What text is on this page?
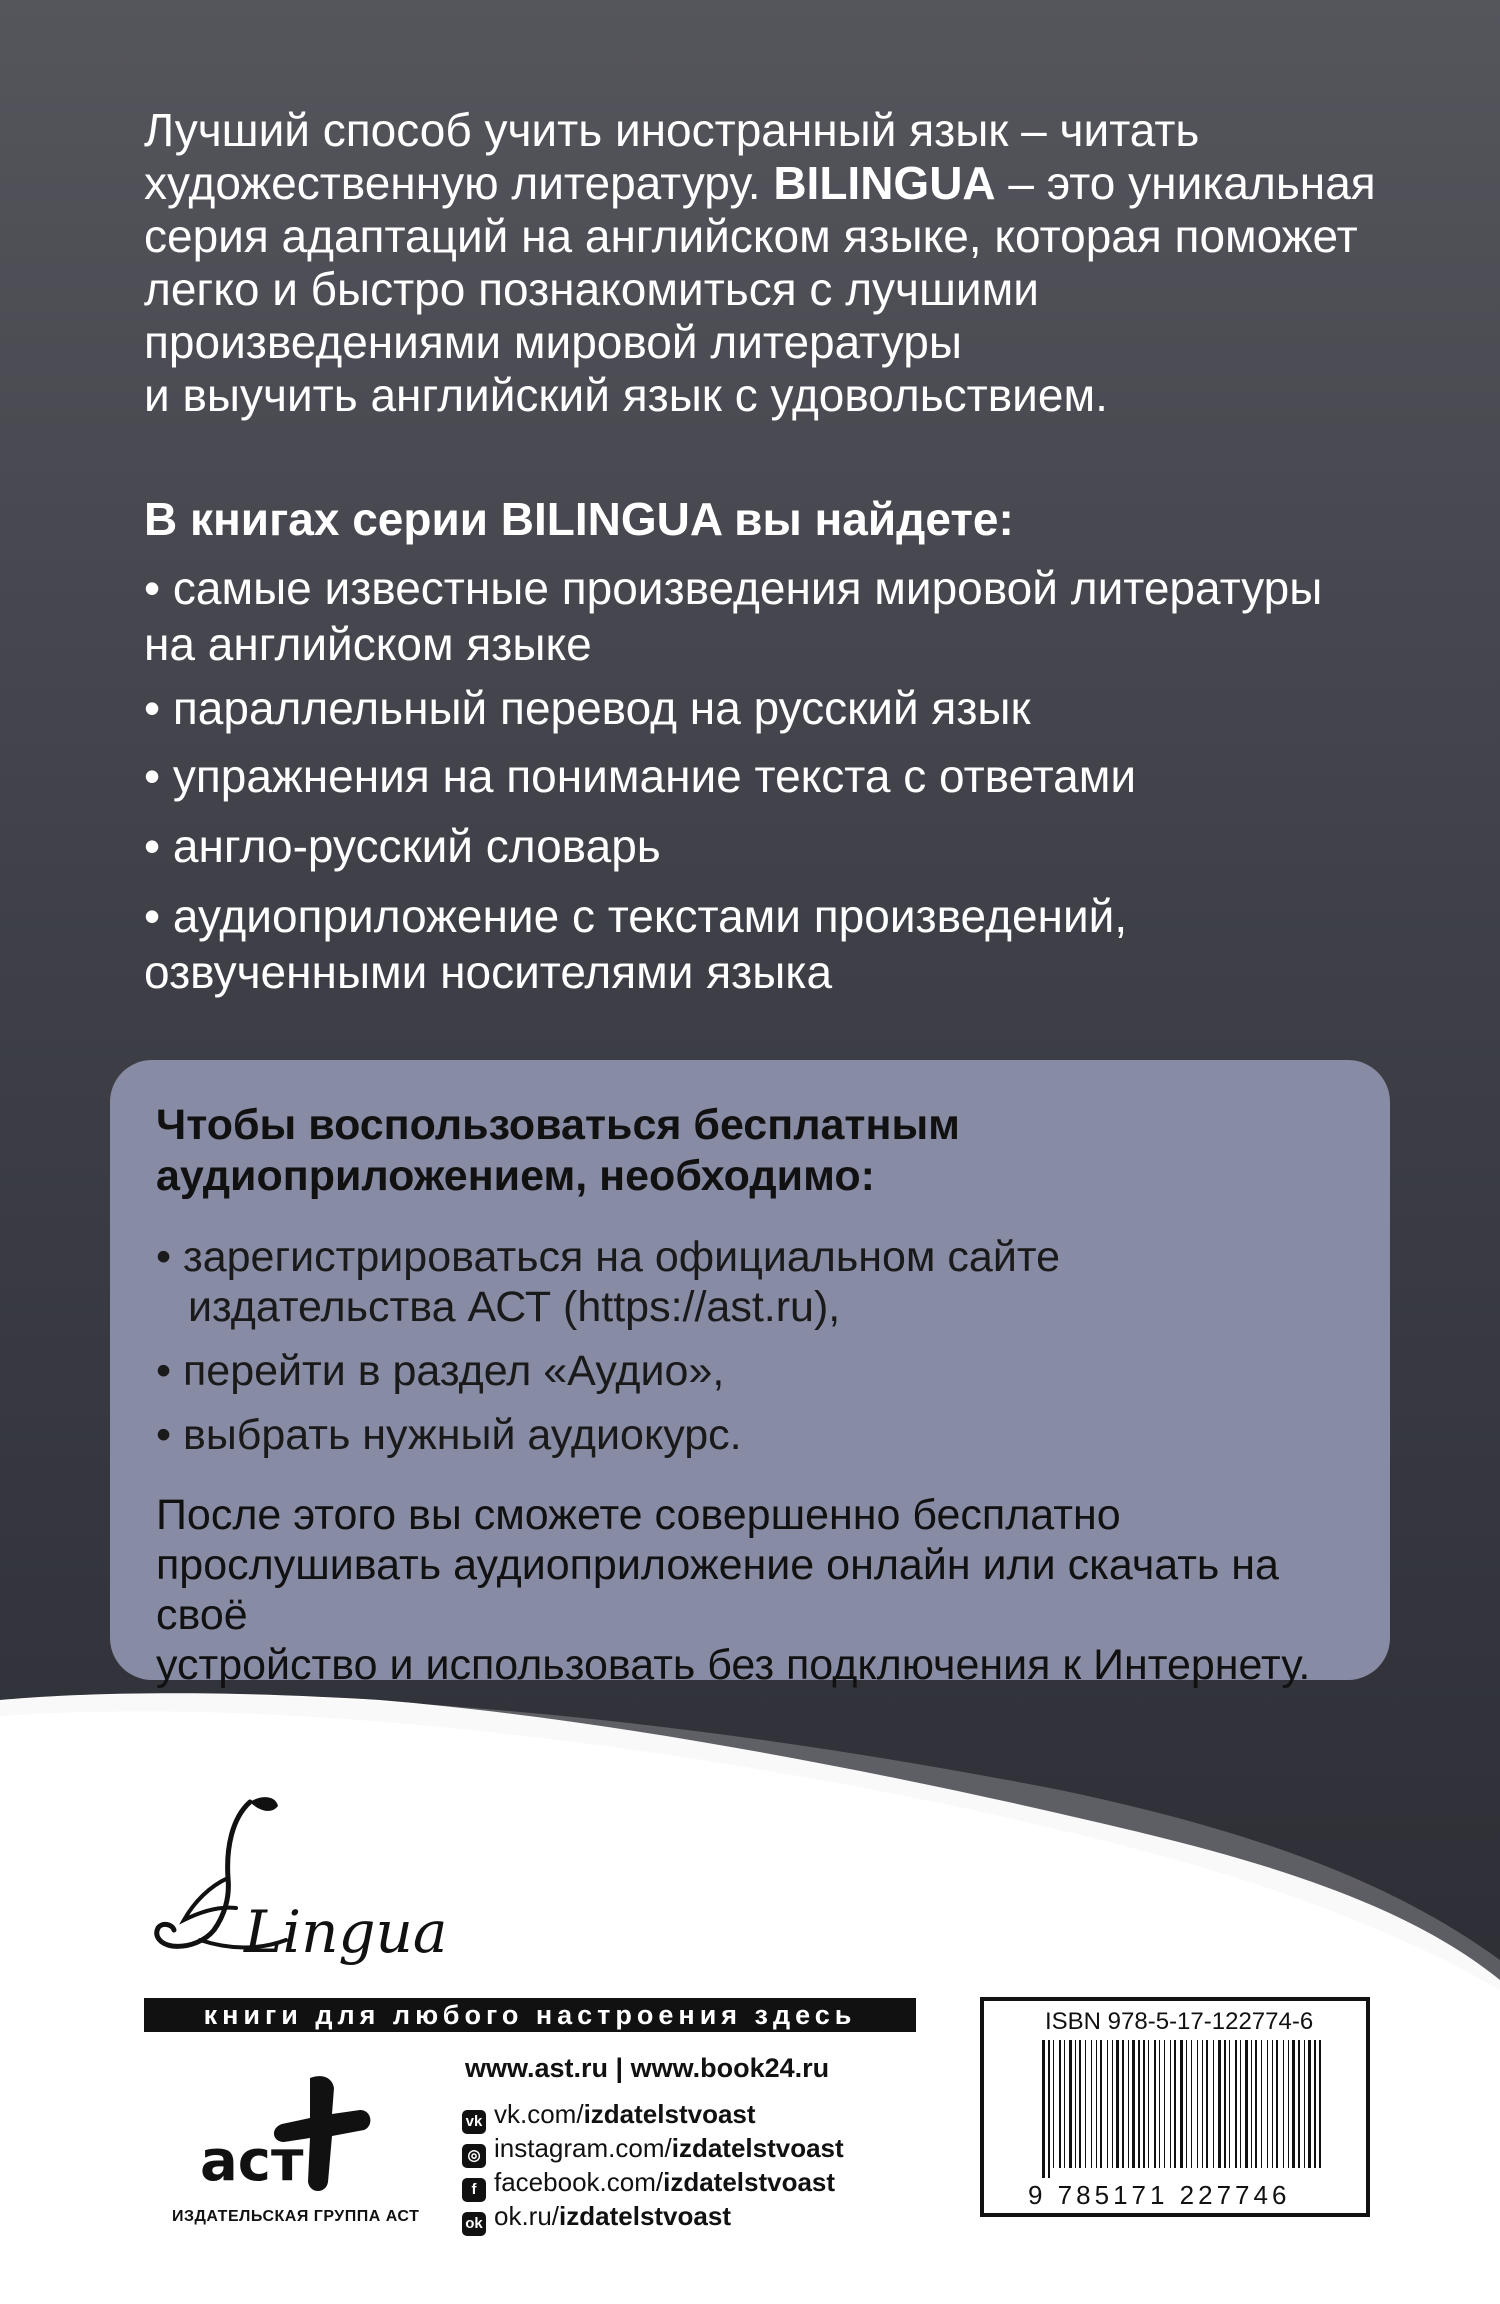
Лучший способ учить иностранный язык – читать
художественную литературу. BILINGUA – это уникальная
серия адаптаций на английском языке, которая поможет
легко и быстро познакомиться с лучшими
произведениями мировой литературы
и выучить английский язык с удовольствием.
В книгах серии BILINGUA вы найдете:
• самые известные произведения мировой литературы
на английском языке
• параллельный перевод на русский язык
• упражнения на понимание текста с ответами
• англо-русский словарь
• аудиоприложение с текстами произведений,
озвученными носителями языка
Чтобы воспользоваться бесплатным
аудиоприложением, необходимо:
• зарегистрироваться на официальном сайте
издательства АСТ (https://ast.ru),
• перейти в раздел «Аудио»,
• выбрать нужный аудиокурс.
После этого вы сможете совершенно бесплатно
прослушивать аудиоприложение онлайн или скачать на своё
устройство и использовать без подключения к Интернету.
Lingua
книги для любого настроения здесь
аст
ИЗДАТЕЛЬСКАЯ ГРУППА АСТ
www.ast.ru | www.book24.ru
vk vk.com/izdatelstvoast
◎ instagram.com/izdatelstvoast
f facebook.com/izdatelstvoast
ok ok.ru/izdatelstvoast
ISBN 978-5-17-122774-6
9 785171 227746
